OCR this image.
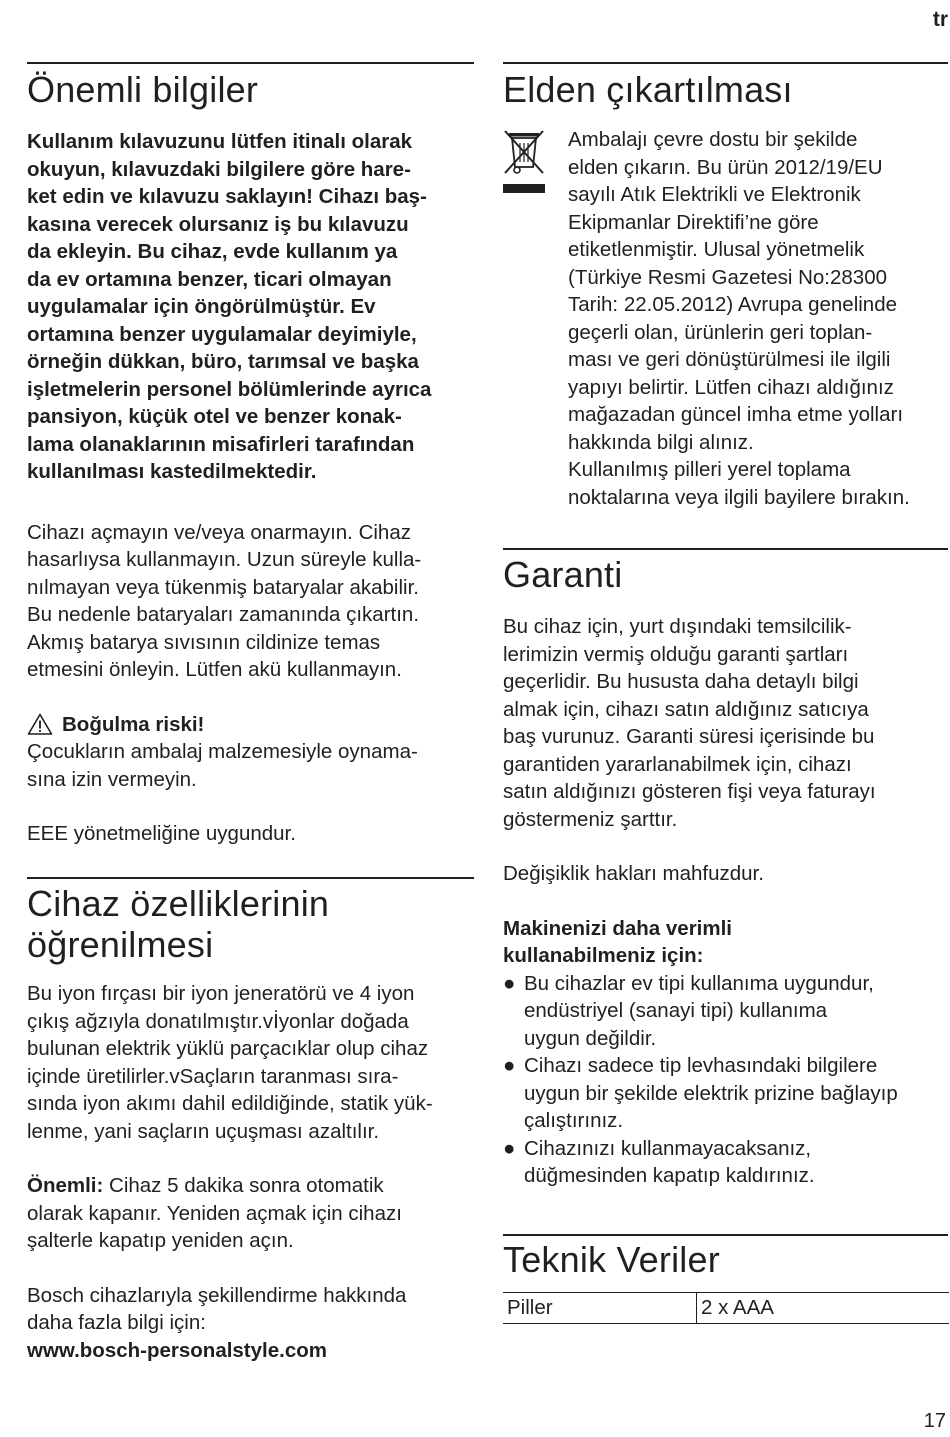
tr
Önemli bilgiler

Kullanım kılavuzunu lütfen itinalı olarak
okuyun, kılavuzdaki bilgilere göre hare-
ket edin ve kılavuzu saklayın! Cihazı baş-
kasına verecek olursanız iş bu kılavuzu
da ekleyin. Bu cihaz, evde kullanım ya
da ev ortamına benzer, ticari olmayan
uygulamalar için öngörülmüştür. Ev
ortamına benzer uygulamalar deyimiyle,
örneğin dükkan, büro, tarımsal ve başka
işletmelerin personel bölümlerinde ayrıca
pansiyon, küçük otel ve benzer konak-
lama olanaklarının misafirleri tarafından
kullanılması kastedilmektedir.

Cihazı açmayın ve/veya onarmayın. Cihaz
hasarlıysa kullanmayın. Uzun süreyle kulla-
nılmayan veya tükenmiş bataryalar akabilir.
Bu nedenle bataryaları zamanında çıkartın.
Akmış batarya sıvısının cildinize temas
etmesini önleyin. Lütfen akü kullanmayın.

Boğulma riski!

Çocukların ambalaj malzemesiyle oynama-
sına izin vermeyin.

EEE yönetmeliğine uygundur.

Cihaz özelliklerinin
öğrenilmesi

Bu iyon fırçası bir iyon jeneratörü ve 4 iyon
çıkış ağzıyla donatılmıştır.vİyonlar doğada
bulunan elektrik yüklü parçacıklar olup cihaz
içinde üretilirler.vSaçların taranması sıra-
sında iyon akımı dahil edildiğinde, statik yük-
lenme, yani saçların uçuşması azaltılır.

Önemli: Cihaz 5 dakika sonra otomatik
olarak kapanır. Yeniden açmak için cihazı
şalterle kapatıp yeniden açın.

Bosch cihazlarıyla şekillendirme hakkında
daha fazla bilgi için:

www.bosch-personalstyle.com

Elden çıkartılması

Ambalajı çevre dostu bir şekilde
elden çıkarın. Bu ürün 2012/19/EU
sayılı Atık Elektrikli ve Elektronik
Ekipmanlar Direktifi’ne göre
etiketlenmiştir. Ulusal yönetmelik
(Türkiye Resmi Gazetesi No:28300
Tarih: 22.05.2012) Avrupa genelinde
geçerli olan, ürünlerin geri toplan-
ması ve geri dönüştürülmesi ile ilgili
yapıyı belirtir. Lütfen cihazı aldığınız
mağazadan güncel imha etme yolları
hakkında bilgi alınız.
Kullanılmış pilleri yerel toplama
noktalarına veya ilgili bayilere bırakın.

Garanti

Bu cihaz için, yurt dışındaki temsilcilik-
lerimizin vermiş olduğu garanti şartları
geçerlidir. Bu hususta daha detaylı bilgi
almak için, cihazı satın aldığınız satıcıya
baş vurunuz. Garanti süresi içerisinde bu
garantiden yararlanabilmek için, cihazı
satın aldığınızı gösteren fişi veya faturayı
göstermeniz şarttır.

Değişiklik hakları mahfuzdur.

Makinenizi daha verimli
kullanabilmeniz için:

● Bu cihazlar ev tipi kullanıma uygundur,
endüstriyel (sanayi tipi) kullanıma
uygun değildir.
● Cihazı sadece tip levhasındaki bilgilere
uygun bir şekilde elektrik prizine bağlayıp
çalıştırınız.
● Cihazınızı kullanmayacaksanız,
düğmesinden kapatıp kaldırınız.
Teknik Veriler
Piller	2 x AAA
17
